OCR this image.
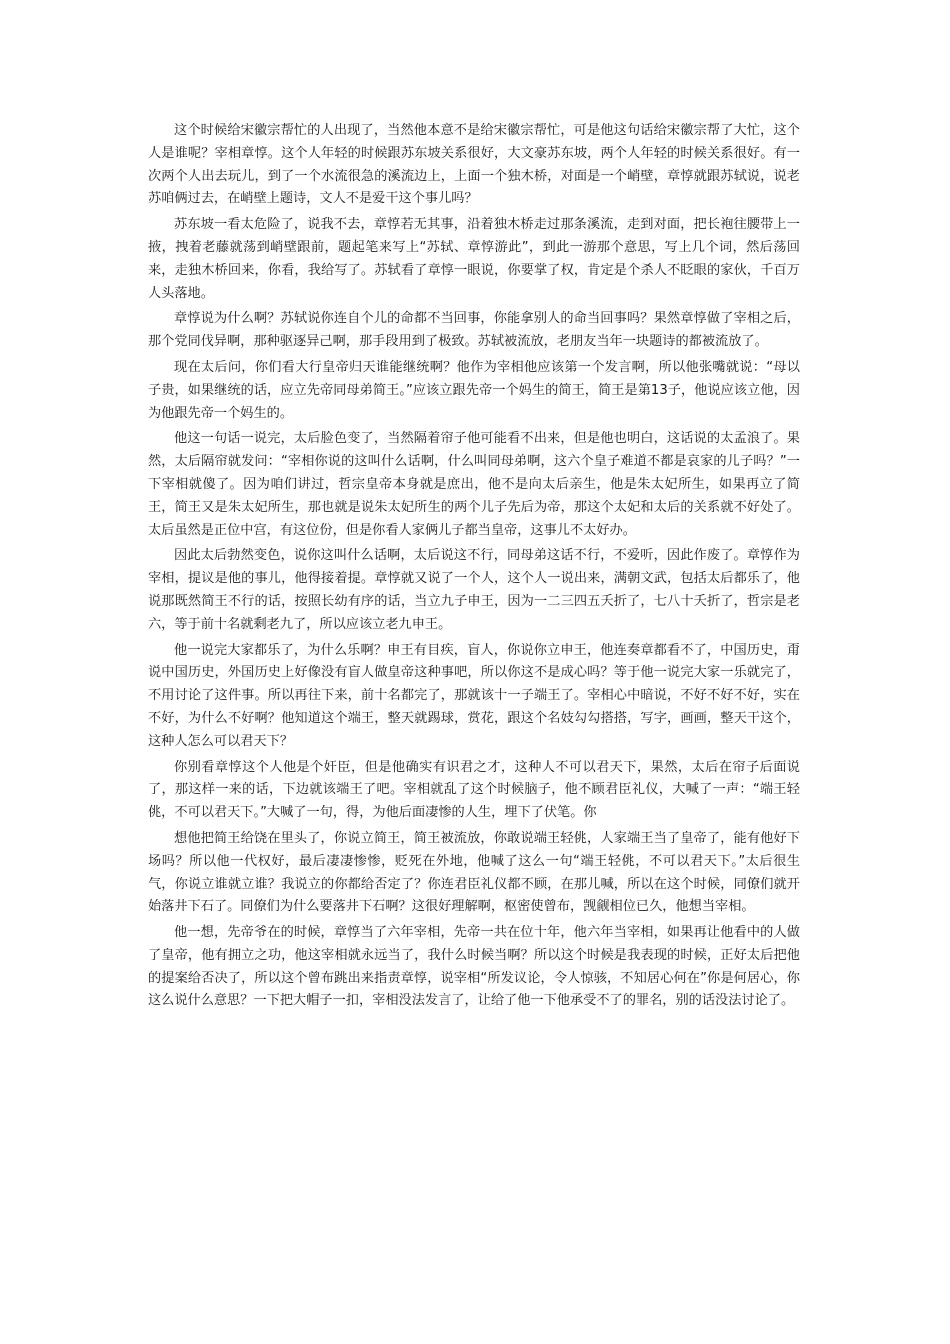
这个时候给宋徽宗帮忙的人出现了，当然他本意不是给宋徽宗帮忙，可是他这句话给宋徽宗帮了大忙，这个人是谁呢？宰相章惇。这个人年轻的时候跟苏东坡关系很好，大文豪苏东坡，两个人年轻的时候关系很好。有一次两个人出去玩儿，到了一个水流很急的溪流边上，上面一个独木桥，对面是一个峭壁，章惇就跟苏轼说，说老苏咱俩过去，在峭壁上题诗，文人不是爱干这个事儿吗？

苏东坡一看太危险了，说我不去，章惇若无其事，沿着独木桥走过那条溪流，走到对面，把长袍往腰带上一掖，拽着老藤就荡到峭壁跟前，题起笔来写上“苏轼、章惇游此”，到此一游那个意思，写上几个词，然后荡回来，走独木桥回来，你看，我给写了。苏轼看了章惇一眼说，你要掌了权，肯定是个杀人不眨眼的家伙，千百万人头落地。

章惇说为什么啊？苏轼说你连自个儿的命都不当回事，你能拿别人的命当回事吗？果然章惇做了宰相之后，那个党同伐异啊，那种驱逐异己啊，那手段用到了极致。苏轼被流放，老朋友当年一块题诗的都被流放了。

现在太后问，你们看大行皇帝归天谁能继统啊？他作为宰相他应该第一个发言啊，所以他张嘴就说：“母以子贵，如果继统的话，应立先帝同母弟简王。”应该立跟先帝一个妈生的简王，简王是第13子，他说应该立他，因为他跟先帝一个妈生的。

他这一句话一说完，太后脸色变了，当然隔着帘子他可能看不出来，但是他也明白，这话说的太孟浪了。果然，太后隔帘就发问：“宰相你说的这叫什么话啊，什么叫同母弟啊，这六个皇子难道不都是哀家的儿子吗？”一下宰相就傻了。因为咱们讲过，哲宗皇帝本身就是庶出，他不是向太后亲生，他是朱太妃所生，如果再立了简王，简王又是朱太妃所生，那也就是说朱太妃所生的两个儿子先后为帝，那这个太妃和太后的关系就不好处了。太后虽然是正位中宫，有这位份，但是你看人家俩儿子都当皇帝，这事儿不太好办。

因此太后勃然变色，说你这叫什么话啊，太后说这不行，同母弟这话不行，不爱听，因此作废了。章惇作为宰相，提议是他的事儿，他得接着提。章惇就又说了一个人，这个人一说出来，满朝文武，包括太后都乐了，他说那既然简王不行的话，按照长幼有序的话，当立九子申王，因为一二三四五夭折了，七八十夭折了，哲宗是老六，等于前十名就剩老九了，所以应该立老九申王。

他一说完大家都乐了，为什么乐啊？申王有目疾，盲人，你说你立申王，他连奏章都看不了，中国历史，甭说中国历史，外国历史上好像没有盲人做皇帝这种事吧，所以你这不是成心吗？等于他一说完大家一乐就完了，不用讨论了这件事。所以再往下来，前十名都完了，那就该十一子端王了。宰相心中暗说，不好不好不好，实在不好，为什么不好啊？他知道这个端王，整天就踢球，赏花，跟这个名妓勾勾搭搭，写字，画画，整天干这个，这种人怎么可以君天下？

你别看章惇这个人他是个奸臣，但是他确实有识君之才，这种人不可以君天下，果然，太后在帘子后面说了，那这样一来的话，下边就该端王了吧。宰相就乱了这个时候脑子，他不顾君臣礼仪，大喊了一声：“端王轻佻，不可以君天下。”大喊了一句，得，为他后面凄惨的人生，埋下了伏笔。你

想他把简王给饶在里头了，你说立简王，简王被流放，你敢说端王轻佻，人家端王当了皇帝了，能有他好下场吗？所以他一代权好，最后凄凄惨惨，贬死在外地，他喊了这么一句“端王轻佻，不可以君天下。”太后很生气，你说立谁就立谁？我说立的你都给否定了？你连君臣礼仪都不顾，在那儿喊，所以在这个时候，同僚们就开始落井下石了。同僚们为什么要落井下石啊？这很好理解啊，枢密使曾布，觊觎相位已久，他想当宰相。

他一想，先帝爷在的时候，章惇当了六年宰相，先帝一共在位十年，他六年当宰相，如果再让他看中的人做了皇帝，他有拥立之功，他这宰相就永远当了，我什么时候当啊？所以这个时候是我表现的时候，正好太后把他的提案给否决了，所以这个曾布跳出来指责章惇，说宰相“所发议论，令人惊骇，不知居心何在”你是何居心，你这么说什么意思？一下把大帽子一扣，宰相没法发言了，让给了他一下他承受不了的罪名，别的话没法讨论了。
